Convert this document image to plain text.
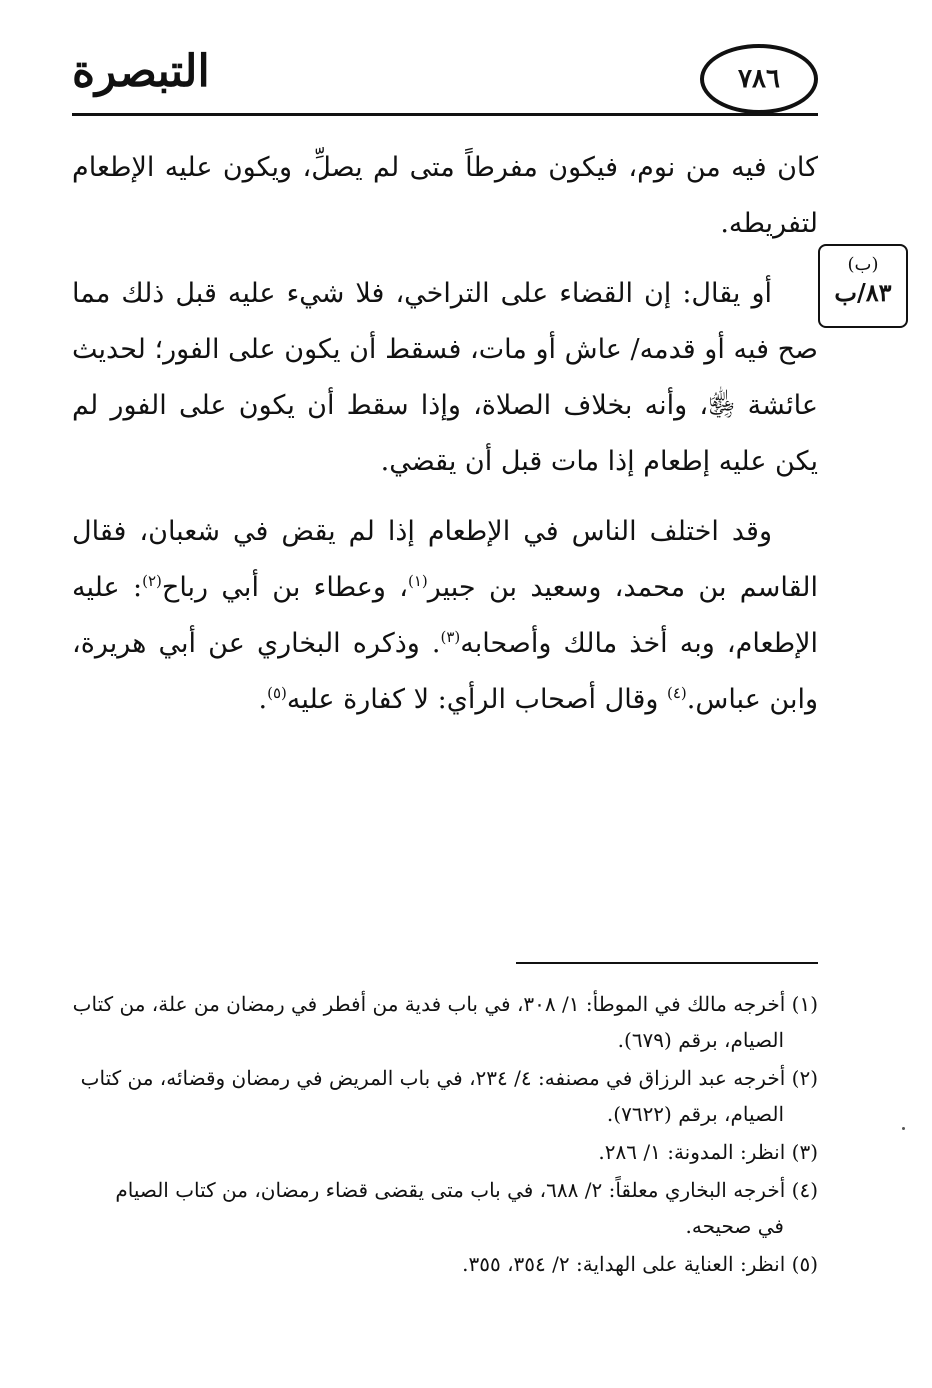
التبصرة	٧٨٦
(ب)
٨٣/ب

كان فيه من نوم، فيكون مفرطاً متى لم يصلِّ، ويكون عليه الإطعام لتفريطه.

أو يقال: إن القضاء على التراخي، فلا شيء عليه قبل ذلك مما صح فيه أو قدمه/ عاش أو مات، فسقط أن يكون على الفور؛ لحديث عائشة ﵂، وأنه بخلاف الصلاة، وإذا سقط أن يكون على الفور لم يكن عليه إطعام إذا مات قبل أن يقضي.

وقد اختلف الناس في الإطعام إذا لم يقض في شعبان، فقال القاسم بن محمد، وسعيد بن جبير$^{(١)}$، وعطاء بن أبي رباح$^{(٢)}$: عليه الإطعام، وبه أخذ مالك وأصحابه$^{(٣)}$. وذكره البخاري عن أبي هريرة، وابن عباس.$^{(٤)}$ وقال أصحاب الرأي: لا كفارة عليه$^{(٥)}$.

(١) أخرجه مالك في الموطأ: ١/ ٣٠٨، في باب فدية من أفطر في رمضان من علة، من كتاب
الصيام، برقم (٦٧٩).

(٢) أخرجه عبد الرزاق في مصنفه: ٤/ ٢٣٤، في باب المريض في رمضان وقضائه، من كتاب
الصيام، برقم (٧٦٢٢).

(٣) انظر: المدونة: ١/ ٢٨٦.

(٤) أخرجه البخاري معلقاً: ٢/ ٦٨٨، في باب متى يقضى قضاء رمضان، من كتاب الصيام
في صحيحه.

(٥) انظر: العناية على الهداية: ٢/ ٣٥٤، ٣٥٥.
